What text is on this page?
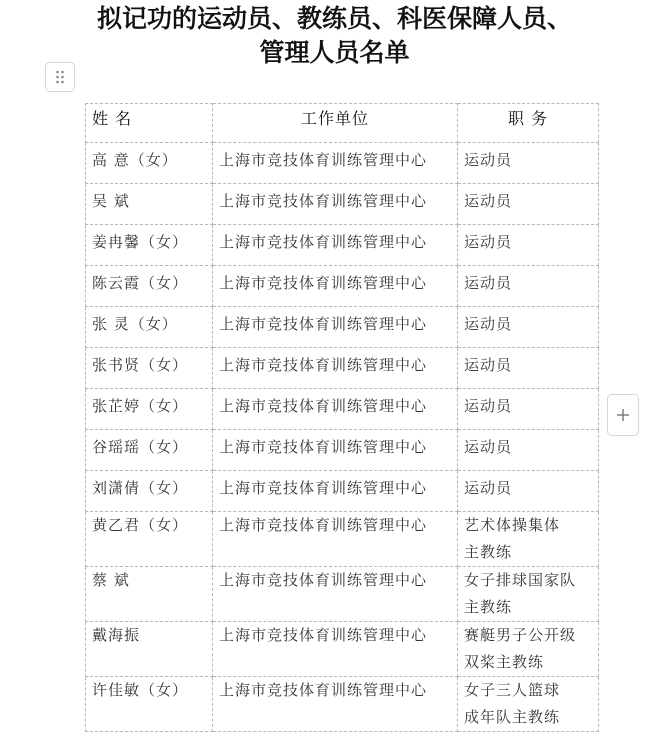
拟记功的运动员、教练员、科医保障人员、
管理人员名单
姓 名	工作单位	职 务
高 意（女）	上海市竞技体育训练管理中心	运动员

吴 斌	上海市竞技体育训练管理中心	运动员

姜冉馨（女）	上海市竞技体育训练管理中心	运动员

陈云霞（女）	上海市竞技体育训练管理中心	运动员

张 灵（女）	上海市竞技体育训练管理中心	运动员

张书贤（女）	上海市竞技体育训练管理中心	运动员

张芷婷（女）	上海市竞技体育训练管理中心	运动员

谷瑶瑶（女）	上海市竞技体育训练管理中心	运动员

刘潇倩（女）	上海市竞技体育训练管理中心	运动员

黄乙君（女）	上海市竞技体育训练管理中心	艺术体操集体
主教练

蔡 斌	上海市竞技体育训练管理中心	女子排球国家队
主教练

戴海振	上海市竞技体育训练管理中心	赛艇男子公开级
双桨主教练

许佳敏（女）	上海市竞技体育训练管理中心	女子三人篮球
成年队主教练
